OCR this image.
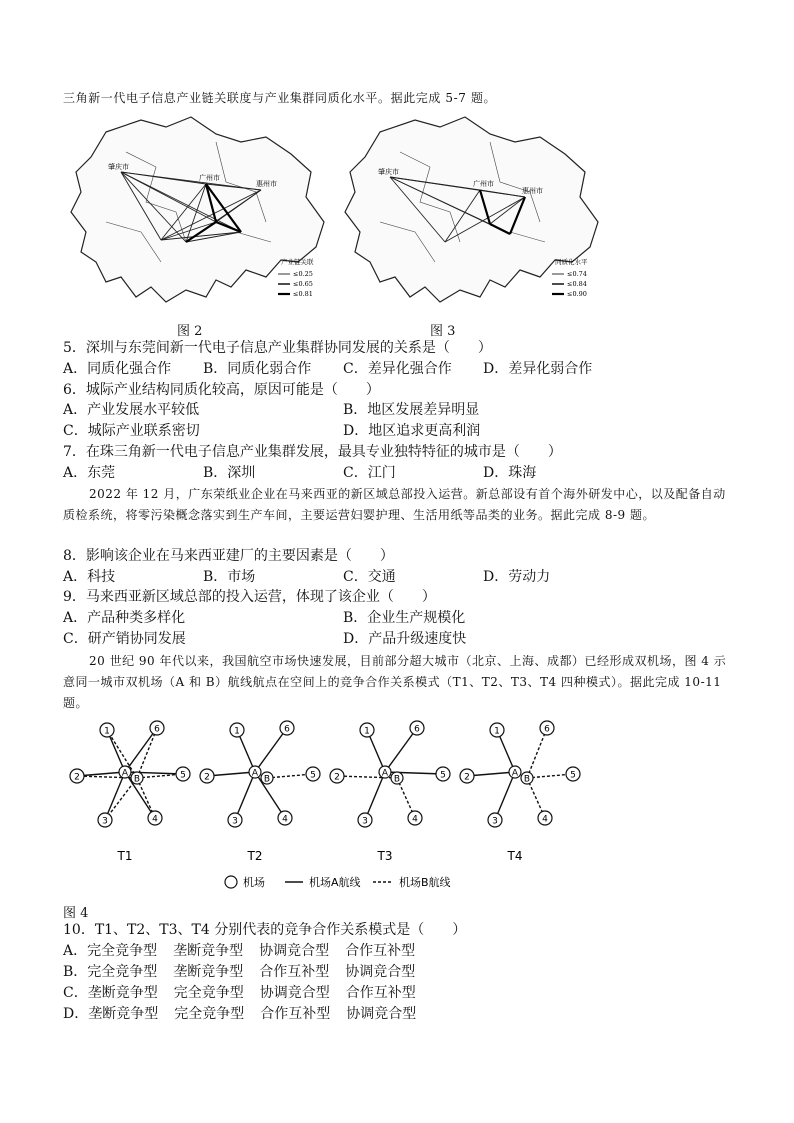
三角新一代电子信息产业链关联度与产业集群同质化水平。据此完成 5-7 题。
肇庆市
广州市
惠州市
产业链关联
≤0.25
≤0.65
≤0.81
图 2
肇庆市
广州市
惠州市
同质化水平
≤0.74
≤0.84
≤0.90
图 3
5．深圳与东莞间新一代电子信息产业集群协同发展的关系是（　　）
A．同质化强合作 B．同质化弱合作 C．差异化强合作 D．差异化弱合作
6．城际产业结构同质化较高，原因可能是（　　）
A．产业发展水平较低	B．地区发展差异明显
C．城际产业联系密切	D．地区追求更高利润
7．在珠三角新一代电子信息产业集群发展，最具专业独特特征的城市是（　　）
A．东莞	B．深圳	C．江门	D．珠海
2022 年 12 月，广东荣纸业企业在马来西亚的新区域总部投入运营。新总部设有首个海外研发中心，以及配备自动质检系统，将零污染概念落实到生产车间，主要运营妇婴护理、生活用纸等品类的业务。据此完成 8-9 题。
8．影响该企业在马来西亚建厂的主要因素是（　　）
A．科技	B．市场	C．交通	D．劳动力
9．马来西亚新区域总部的投入运营，体现了该企业（　　）
A．产品种类多样化	B．企业生产规模化
C．研产销协同发展	D．产品升级速度快
20 世纪 90 年代以来，我国航空市场快速发展，目前部分超大城市（北京、上海、成都）已经形成双机场，图 4 示意同一城市双机场（A 和 B）航线航点在空间上的竞争合作关系模式（T1、T2、T3、T4 四种模式）。据此完成 10-11 题。
1
2
3	4
5
6
A
B
T1
1
2
3	4
5
6
A
B
T2
1
2
3	4
5
6
A
B
T3
1
2
3	4
5
6
A
B
T4
机场	机场A航线	机场B航线
图 4
10．T1、T2、T3、T4 分别代表的竞争合作关系模式是（　　）
A．完全竞争型 垄断竞争型 协调竞合型 合作互补型
B．完全竞争型 垄断竞争型 合作互补型 协调竞合型
C．垄断竞争型 完全竞争型 协调竞合型 合作互补型
D．垄断竞争型 完全竞争型 合作互补型 协调竞合型
